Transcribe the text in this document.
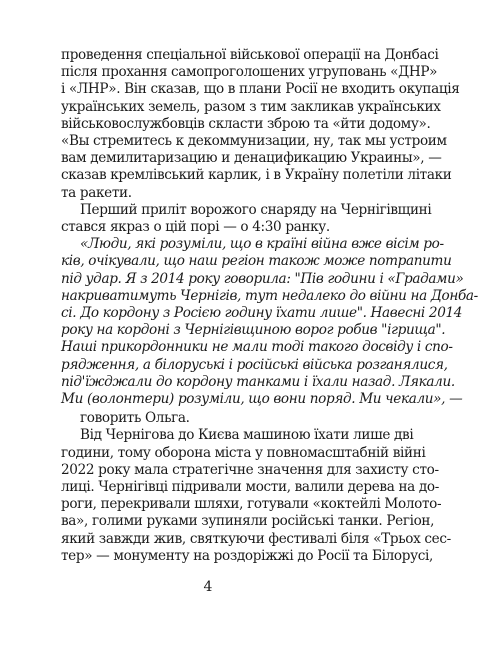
проведення спеціальної військової операції на Донбасі
після прохання самопроголошених угруповань «ДНР»
і «ЛНР». Він сказав, що в плани Росії не входить окупація
українських земель, разом з тим закликав українських
військовослужбовців скласти зброю та «йти додому».
«Вы стремитесь к декоммунизации, ну, так мы устроим
вам демилитаризацию и денацификацию Украины», —
сказав кремлівський карлик, і в Україну полетіли літаки
та ракети.
Перший приліт ворожого снаряду на Чернігівщині
стався якраз о цій порі — о 4:30 ранку.
«Люди, які розуміли, що в країні війна вже вісім ро-
ків, очікували, що наш регіон також може потрапити
під удар. Я з 2014 року говорила: "Пів години і «Градами»
накриватимуть Чернігів, тут недалеко до війни на Донба-
сі. До кордону з Росією годину їхати лише". Навесні 2014
року на кордоні з Чернігівщиною ворог робив "ігрища".
Наші прикордонники не мали тоді такого досвіду і спо-
рядження, а білоруські і російські війська розганялися,
під'їжджали до кордону танками і їхали назад. Лякали.
Ми (волонтери) розуміли, що вони поряд. Ми чекали», —
говорить Ольга.
Від Чернігова до Києва машиною їхати лише дві
години, тому оборона міста у повномасштабній війні
2022 року мала стратегічне значення для захисту сто-
лиці. Чернігівці підривали мости, валили дерева на до-
роги, перекривали шляхи, готували «коктейлі Молото-
ва», голими руками зупиняли російські танки. Регіон,
який завжди жив, святкуючи фестивалі біля «Трьох сес-
тер» — монументу на роздоріжжі до Росії та Білорусі,
4
